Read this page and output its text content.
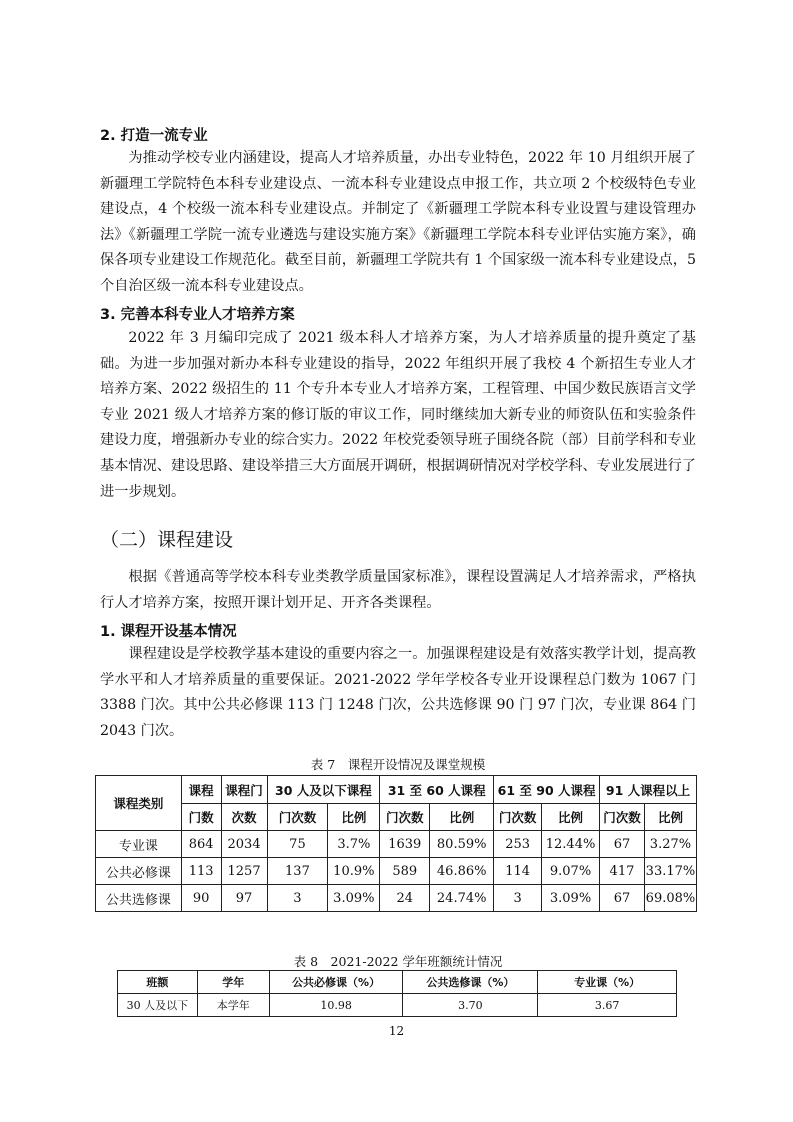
2. 打造一流专业

为推动学校专业内涵建设，提高人才培养质量，办出专业特色，2022 年 10 月组织开展了新疆理工学院特色本科专业建设点、一流本科专业建设点申报工作，共立项 2 个校级特色专业建设点，4 个校级一流本科专业建设点。并制定了《新疆理工学院本科专业设置与建设管理办法》《新疆理工学院一流专业遴选与建设实施方案》《新疆理工学院本科专业评估实施方案》，确保各项专业建设工作规范化。截至目前，新疆理工学院共有 1 个国家级一流本科专业建设点，5 个自治区级一流本科专业建设点。

3. 完善本科专业人才培养方案

2022 年 3 月编印完成了 2021 级本科人才培养方案，为人才培养质量的提升奠定了基础。为进一步加强对新办本科专业建设的指导，2022 年组织开展了我校 4 个新招生专业人才培养方案、2022 级招生的 11 个专升本专业人才培养方案，工程管理、中国少数民族语言文学专业 2021 级人才培养方案的修订版的审议工作，同时继续加大新专业的师资队伍和实验条件建设力度，增强新办专业的综合实力。2022 年校党委领导班子围绕各院（部）目前学科和专业基本情况、建设思路、建设举措三大方面展开调研，根据调研情况对学校学科、专业发展进行了进一步规划。

（二）课程建设

根据《普通高等学校本科专业类教学质量国家标准》，课程设置满足人才培养需求，严格执行人才培养方案，按照开课计划开足、开齐各类课程。

1. 课程开设基本情况

课程建设是学校教学基本建设的重要内容之一。加强课程建设是有效落实教学计划，提高教学水平和人才培养质量的重要保证。2021-2022 学年学校各专业开设课程总门数为 1067 门 3388 门次。其中公共必修课 113 门 1248 门次，公共选修课 90 门 97 门次，专业课 864 门 2043 门次。

表 7　课程开设情况及课堂规模
课程类别	课程	课程门	30 人及以下课程		31 至 60 人课程		61 至 90 人课程		91 人课程以上	
	门数	次数	门次数	比例	门次数	比例	门次数	比例	门次数	比例
专业课	864	2034	75	3.7%	1639	80.59%	253	12.44%	67	3.27%
公共必修课	113	1257	137	10.9%	589	46.86%	114	9.07%	417	33.17%
公共选修课	90	97	3	3.09%	24	24.74%	3	3.09%	67	69.08%
表 8　2021-2022 学年班额统计情况
班额	学年	公共必修课（%）	公共选修课（%）	专业课（%）
30 人及以下	本学年	10.98	3.70	3.67
12
